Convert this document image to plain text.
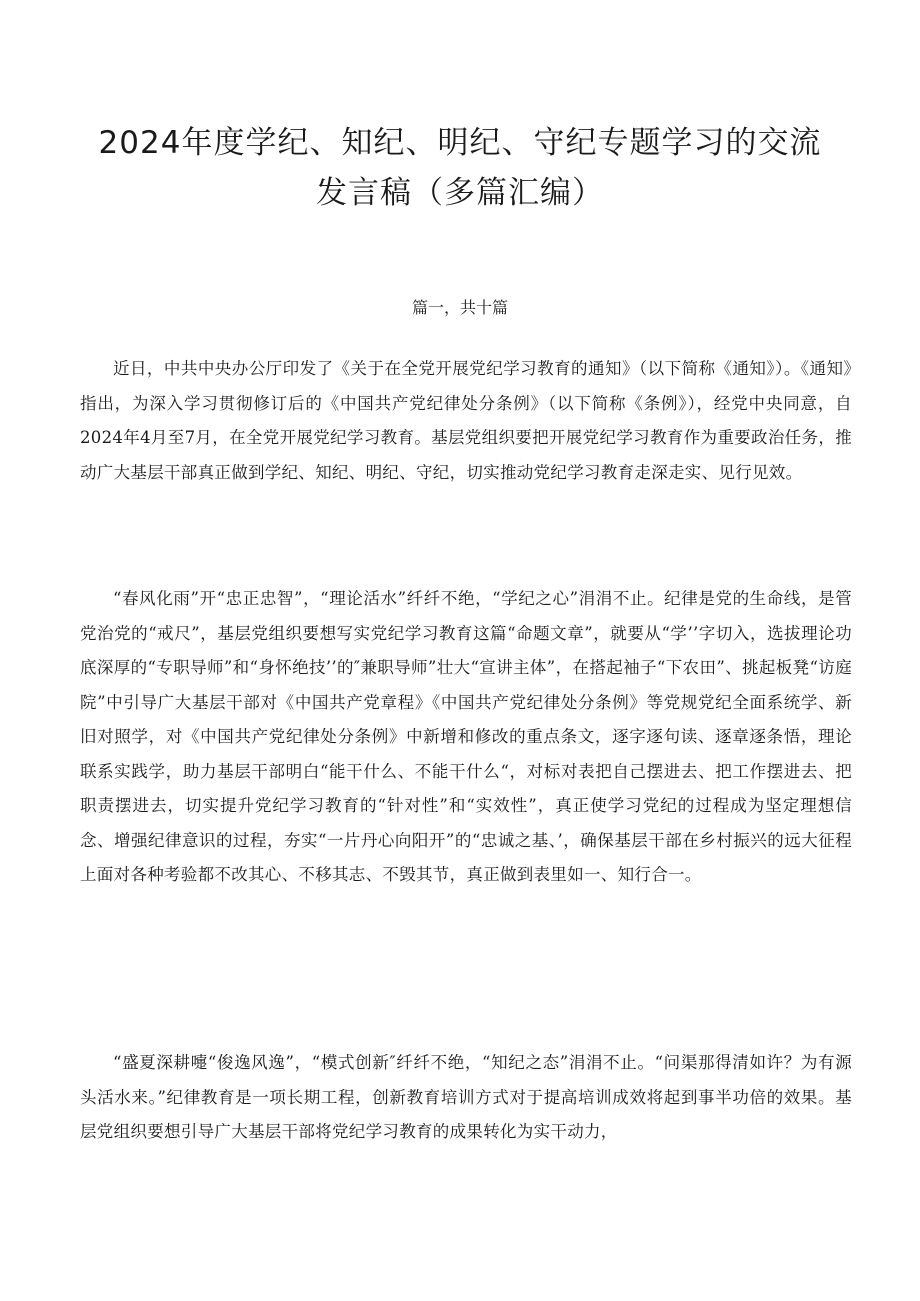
2024年度学纪、知纪、明纪、守纪专题学习的交流
发言稿（多篇汇编）

篇一，共十篇

近日，中共中央办公厅印发了《关于在全党开展党纪学习教育的通知》（以下简称《通知》）。《通知》指出，为深入学习贯彻修订后的《中国共产党纪律处分条例》（以下简称《条例》），经党中央同意，自2024年4月至7月，在全党开展党纪学习教育。基层党组织要把开展党纪学习教育作为重要政治任务，推动广大基层干部真正做到学纪、知纪、明纪、守纪，切实推动党纪学习教育走深走实、见行见效。

“春风化雨”开“忠正忠智”，“理论活水”纤纤不绝，“学纪之心”涓涓不止。纪律是党的生命线，是管党治党的“戒尺”，基层党组织要想写实党纪学习教育这篇“命题文章”，就要从“学’’字切入，选拔理论功底深厚的“专职导师”和“身怀绝技’’的″兼职导师”壮大“宣讲主体”，在搭起袖子“下农田”、挑起板凳“访庭院”中引导广大基层干部对《中国共产党章程》《中国共产党纪律处分条例》等党规党纪全面系统学、新旧对照学，对《中国共产党纪律处分条例》中新增和修改的重点条文，逐字逐句读、逐章逐条悟，理论联系实践学，助力基层干部明白“能干什么、不能干什么“，对标对表把自己摆进去、把工作摆进去、把职责摆进去，切实提升党纪学习教育的“针对性”和“实效性”，真正使学习党纪的过程成为坚定理想信念、增强纪律意识的过程，夯实“一片丹心向阳开”的“忠诚之基、’，确保基层干部在乡村振兴的远大征程上面对各种考验都不改其心、不移其志、不毁其节，真正做到表里如一、知行合一。

“盛夏深耕嚏“俊逸风逸”，“模式创新″纤纤不绝，“知纪之态”涓涓不止。“问渠那得清如许？为有源头活水来。”纪律教育是一项长期工程，创新教育培训方式对于提高培训成效将起到事半功倍的效果。基层党组织要想引导广大基层干部将党纪学习教育的成果转化为实干动力，
